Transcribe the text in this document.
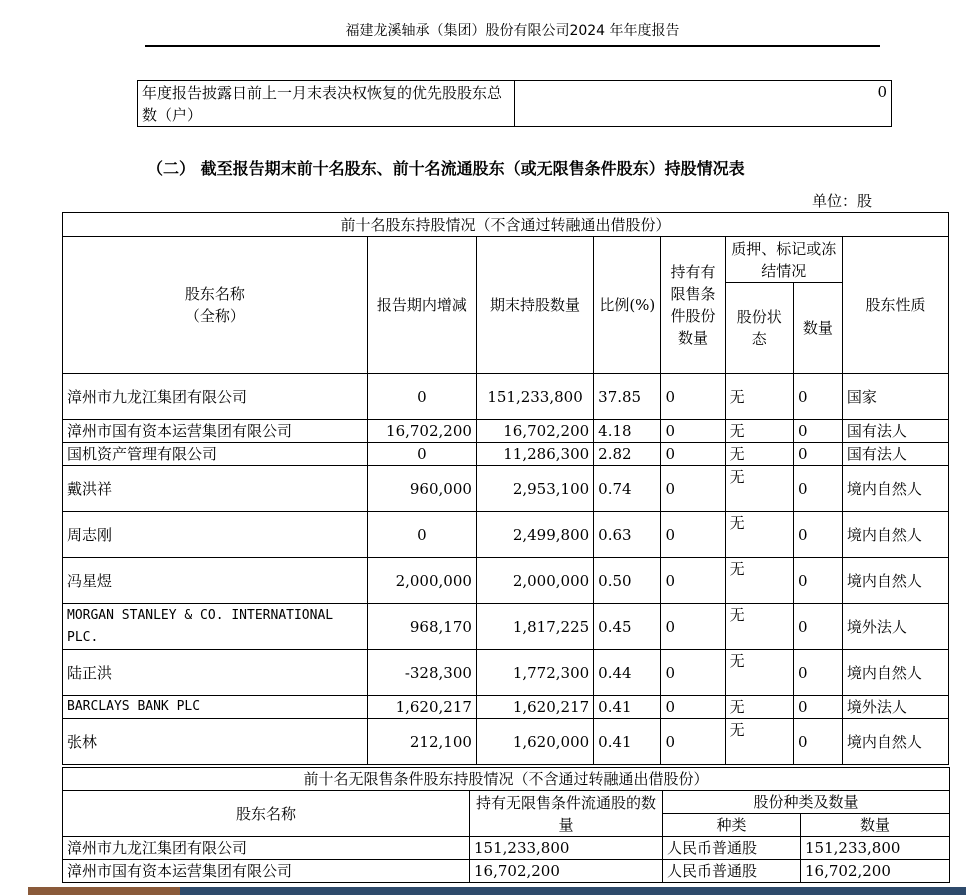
福建龙溪轴承（集团）股份有限公司2024 年年度报告
年度报告披露日前上一月末表决权恢复的优先股股东总数（户）	0
（二） 截至报告期末前十名股东、前十名流通股东（或无限售条件股东）持股情况表
单位：股
前十名股东持股情况（不含通过转融通出借股份）							
股东名称
（全称）	报告期内增减	期末持股数量	比例(%)	持有有限售条件股份数量	质押、标记或冻结情况		股东性质
					股份状态	数量	
漳州市九龙江集团有限公司	0	151,233,800	37.85	0	无	0	国家
漳州市国有资本运营集团有限公司	16,702,200	16,702,200	4.18	0	无	0	国有法人
国机资产管理有限公司	0	11,286,300	2.82	0	无	0	国有法人
戴洪祥	960,000	2,953,100	0.74	0	无	0	境内自然人
周志刚	0	2,499,800	0.63	0	无	0	境内自然人
冯星煜	2,000,000	2,000,000	0.50	0	无	0	境内自然人
MORGAN STANLEY & CO. INTERNATIONAL PLC.	968,170	1,817,225	0.45	0	无	0	境外法人
陆正洪	-328,300	1,772,300	0.44	0	无	0	境内自然人
BARCLAYS BANK PLC	1,620,217	1,620,217	0.41	0	无	0	境外法人
张林	212,100	1,620,000	0.41	0	无	0	境内自然人
前十名无限售条件股东持股情况（不含通过转融通出借股份）			
股东名称	持有无限售条件流通股的数量	股份种类及数量	
		种类	数量
漳州市九龙江集团有限公司	151,233,800	人民币普通股	151,233,800
漳州市国有资本运营集团有限公司	16,702,200	人民币普通股	16,702,200
